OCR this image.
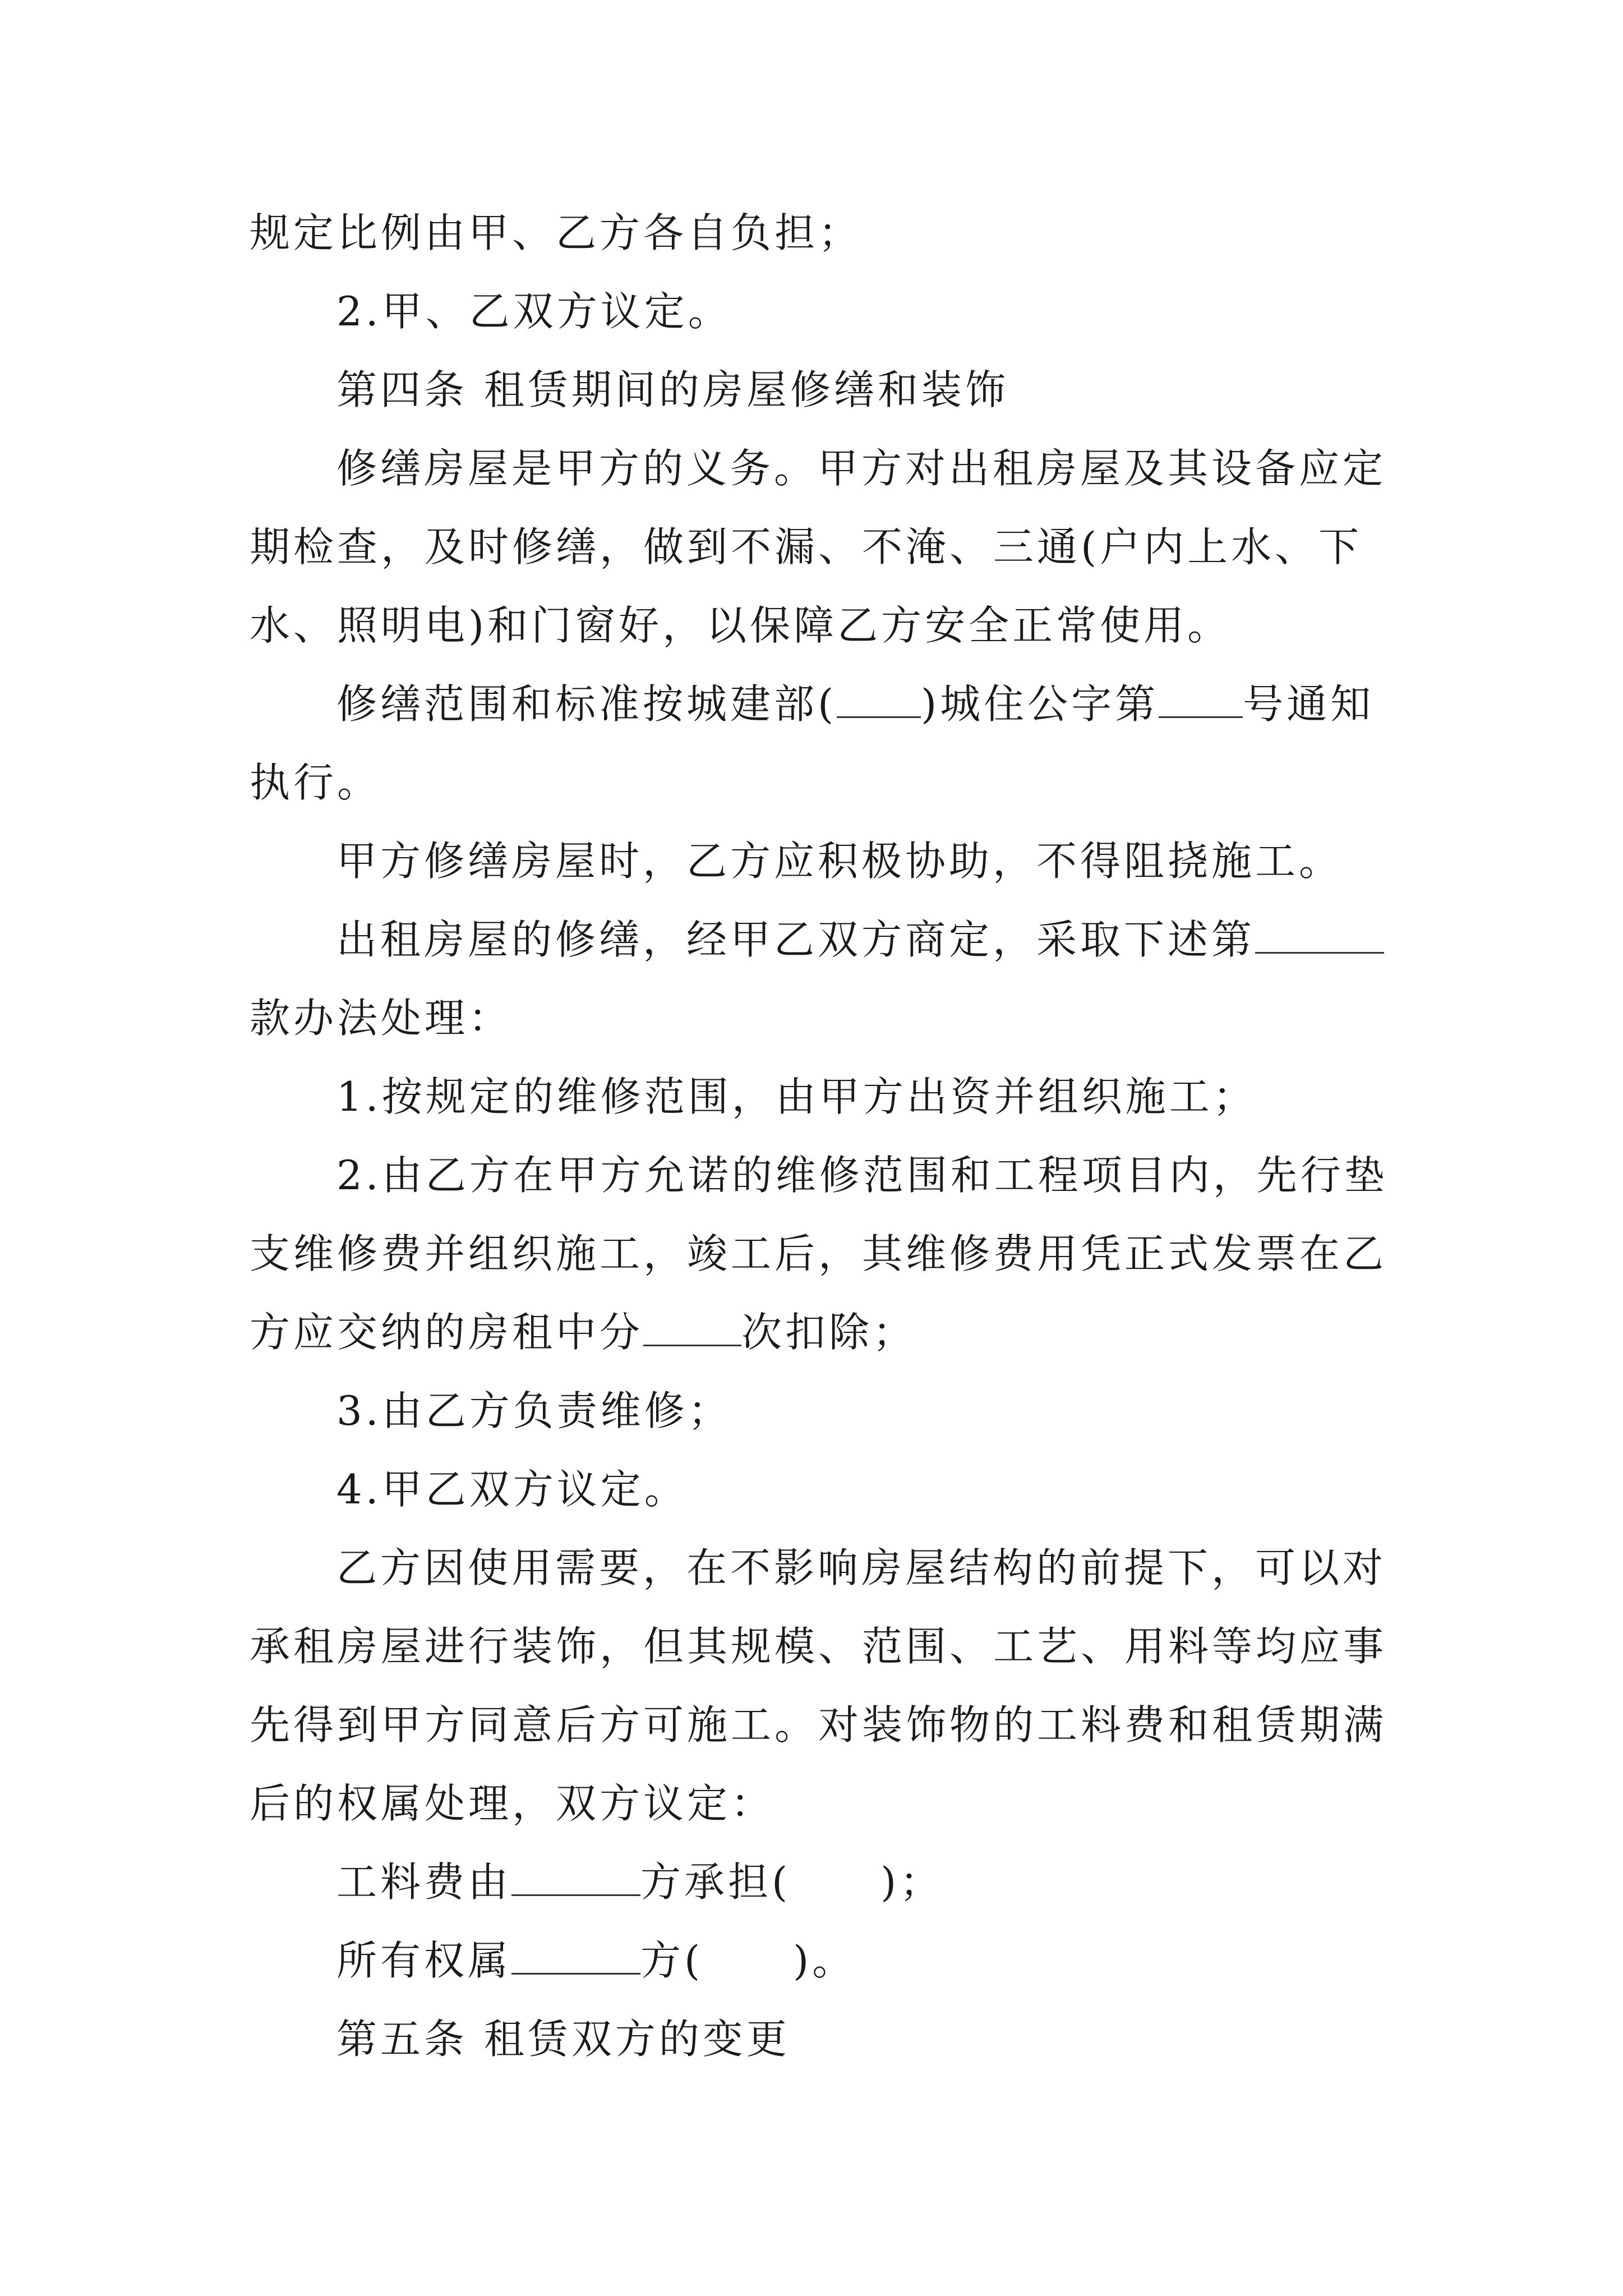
规定比例由甲、乙方各自负担；
2.甲、乙双方议定。
第四条 租赁期间的房屋修缮和装饰
修缮房屋是甲方的义务。甲方对出租房屋及其设备应定
期检查，及时修缮，做到不漏、不淹、三通(户内上水、下
水、照明电)和门窗好，以保障乙方安全正常使用。
修缮范围和标准按城建部( )城住公字第 号通知
执行。
甲方修缮房屋时，乙方应积极协助，不得阻挠施工。
出租房屋的修缮，经甲乙双方商定，采取下述第
款办法处理：
1.按规定的维修范围，由甲方出资并组织施工；
2.由乙方在甲方允诺的维修范围和工程项目内，先行垫
支维修费并组织施工，竣工后，其维修费用凭正式发票在乙
方应交纳的房租中分 次扣除；
3.由乙方负责维修；
4.甲乙双方议定。
乙方因使用需要，在不影响房屋结构的前提下，可以对
承租房屋进行装饰，但其规模、范围、工艺、用料等均应事
先得到甲方同意后方可施工。对装饰物的工料费和租赁期满
后的权属处理，双方议定：
工料费由	方承担( )；
所有权属	方( )。
第五条 租赁双方的变更
